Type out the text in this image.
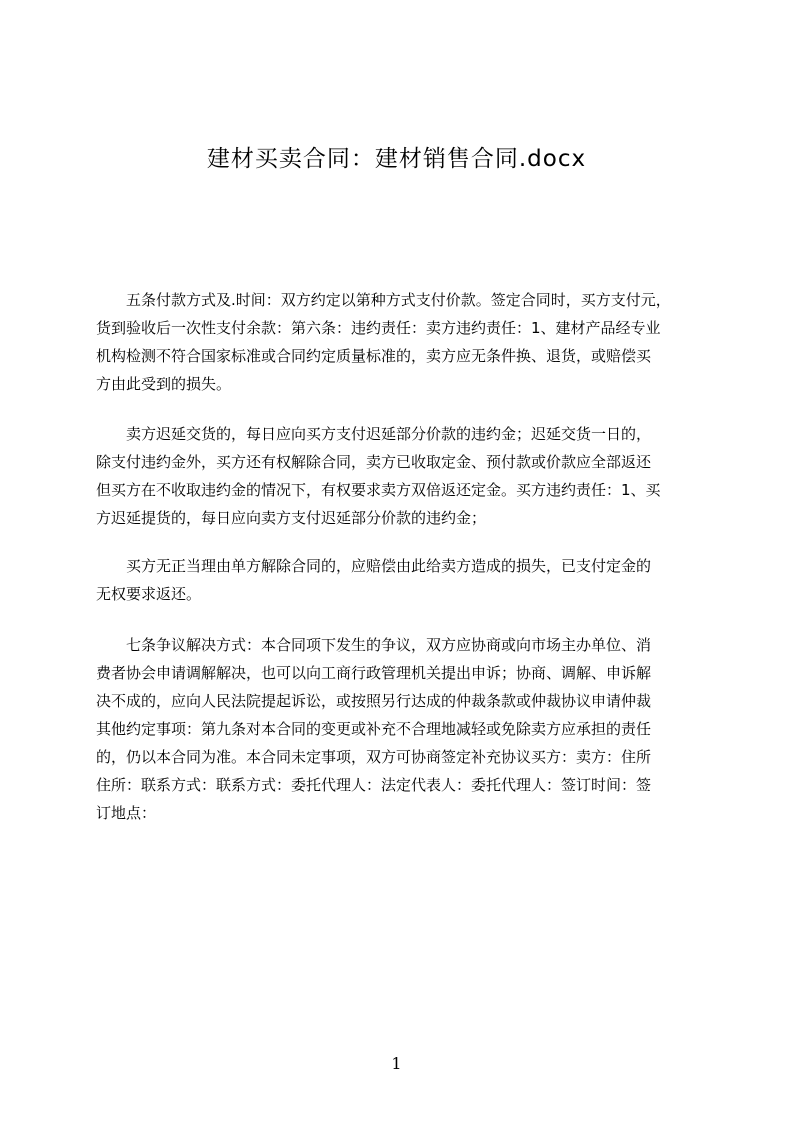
建材买卖合同：建材销售合同.docx

　　五条付款方式及.时间：双方约定以第种方式支付价款。签定合同时，买方支付元，
货到验收后一次性支付余款：第六条：违约责任：卖方违约责任：1、建材产品经专业
机构检测不符合国家标准或合同约定质量标准的，卖方应无条件换、退货，或赔偿买
方由此受到的损失。

　　卖方迟延交货的，每日应向买方支付迟延部分价款的违约金；迟延交货一日的，
除支付违约金外，买方还有权解除合同，卖方已收取定金、预付款或价款应全部返还
但买方在不收取违约金的情况下，有权要求卖方双倍返还定金。买方违约责任：1、买
方迟延提货的，每日应向卖方支付迟延部分价款的违约金；

　　买方无正当理由单方解除合同的，应赔偿由此给卖方造成的损失，已支付定金的
无权要求返还。

　　七条争议解决方式：本合同项下发生的争议，双方应协商或向市场主办单位、消
费者协会申请调解解决，也可以向工商行政管理机关提出申诉；协商、调解、申诉解
决不成的，应向人民法院提起诉讼，或按照另行达成的仲裁条款或仲裁协议申请仲裁
其他约定事项：第九条对本合同的变更或补充不合理地减轻或免除卖方应承担的责任
的，仍以本合同为准。本合同未定事项，双方可协商签定补充协议买方：卖方：住所
住所：联系方式：联系方式：委托代理人：法定代表人：委托代理人：签订时间：签
订地点：

1
